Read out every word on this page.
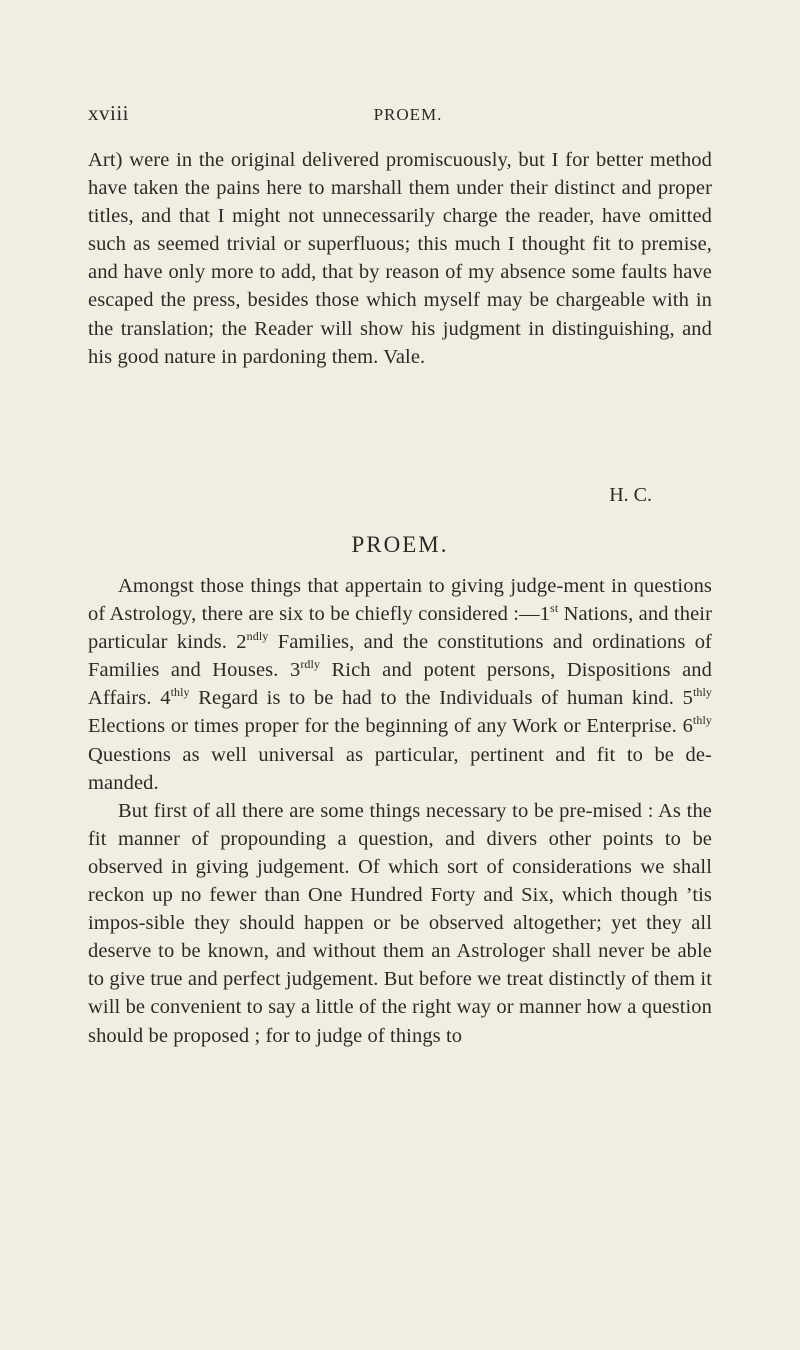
xviii	PROEM.

Art) were in the original delivered promiscuously, but I for better method have taken the pains here to marshall them under their distinct and proper titles, and that I might not unnecessarily charge the reader, have omitted such as seemed trivial or superfluous; this much I thought fit to premise, and have only more to add, that by reason of my absence some faults have escaped the press, besides those which myself may be chargeable with in the translation; the Reader will show his judgment in distinguishing, and his good nature in pardoning them. Vale.

H. C.
PROEM.

Amongst those things that appertain to giving judge-ment in questions of Astrology, there are six to be chiefly considered :—1st Nations, and their particular kinds. $2^{ndly}$ Families, and the constitutions and ordinations of Families and Houses. $3^{rdly}$ Rich and potent persons, Dispositions and Affairs. $4^{thly}$ Regard is to be had to the Individuals of human kind. $5^{thly}$ Elections or times proper for the beginning of any Work or Enterprise. $6^{thly}$ Questions as well universal as particular, pertinent and fit to be de-manded.

But first of all there are some things necessary to be pre-mised : As the fit manner of propounding a question, and divers other points to be observed in giving judgement. Of which sort of considerations we shall reckon up no fewer than One Hundred Forty and Six, which though ’tis impos-sible they should happen or be observed altogether; yet they all deserve to be known, and without them an Astrologer shall never be able to give true and perfect judgement. But before we treat distinctly of them it will be convenient to say a little of the right way or manner how a question should be proposed ; for to judge of things to
